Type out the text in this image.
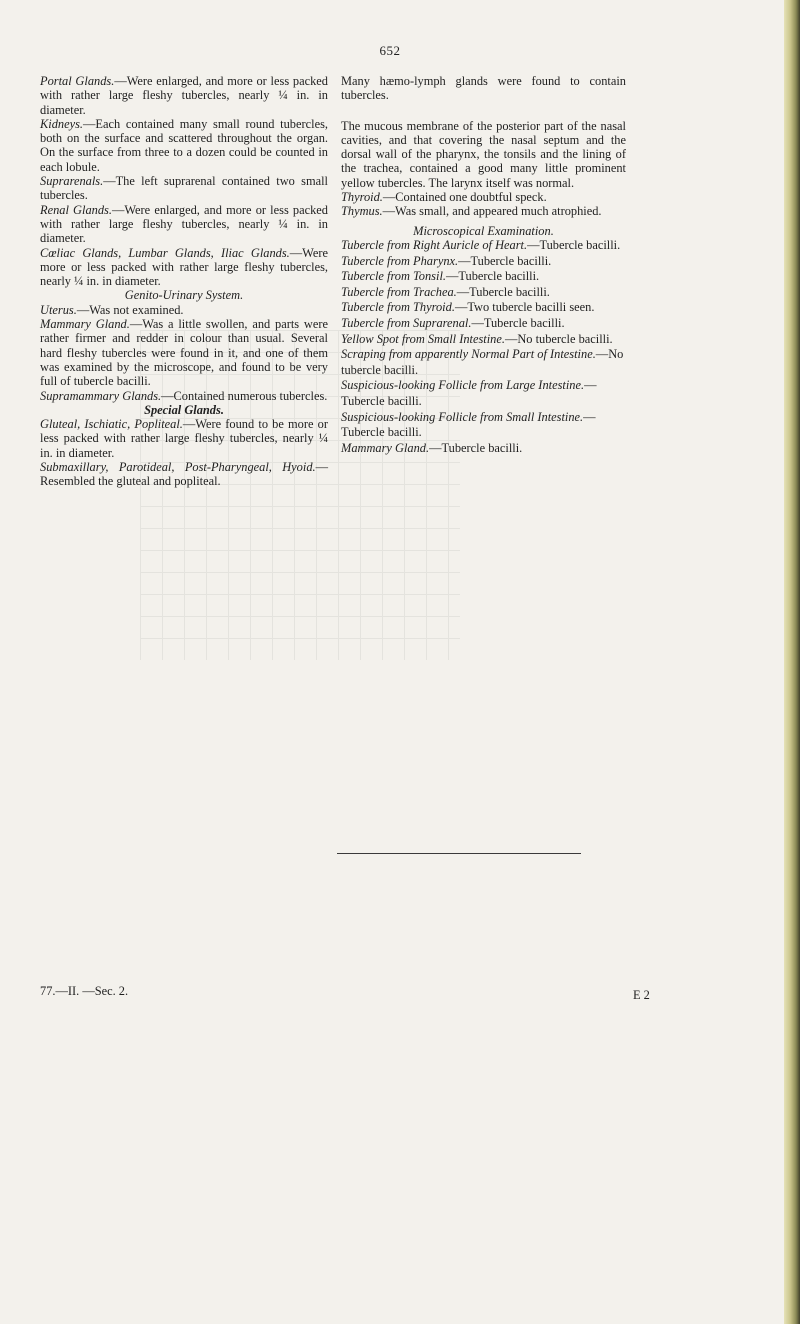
652

Portal Glands.—Were enlarged, and more or less packed with rather large fleshy tubercles, nearly ¼ in. in diameter.

Kidneys.—Each contained many small round tubercles, both on the surface and scattered throughout the organ. On the surface from three to a dozen could be counted in each lobule.

Suprarenals.—The left suprarenal contained two small tubercles.

Renal Glands.—Were enlarged, and more or less packed with rather large fleshy tubercles, nearly ¼ in. in diameter.

Cœliac Glands, Lumbar Glands, Iliac Glands.—Were more or less packed with rather large fleshy tubercles, nearly ¼ in. in diameter.

Genito-Urinary System.

Uterus.—Was not examined.

Mammary Gland.—Was a little swollen, and parts were rather firmer and redder in colour than usual. Several hard fleshy tubercles were found in it, and one of them was examined by the microscope, and found to be very full of tubercle bacilli.

Supramammary Glands.—Contained numerous tubercles.

Special Glands.

Gluteal, Ischiatic, Popliteal.—Were found to be more or less packed with rather large fleshy tubercles, nearly ¼ in. in diameter.

Submaxillary, Parotideal, Post-Pharyngeal, Hyoid.—Resembled the gluteal and popliteal.

Many hæmo-lymph glands were found to contain tubercles.

The mucous membrane of the posterior part of the nasal cavities, and that covering the nasal septum and the dorsal wall of the pharynx, the tonsils and the lining of the trachea, contained a good many little prominent yellow tubercles. The larynx itself was normal.

Thyroid.—Contained one doubtful speck.

Thymus.—Was small, and appeared much atrophied.

Microscopical Examination.

Tubercle from Right Auricle of Heart.—Tubercle bacilli.

Tubercle from Pharynx.—Tubercle bacilli.

Tubercle from Tonsil.—Tubercle bacilli.

Tubercle from Trachea.—Tubercle bacilli.

Tubercle from Thyroid.—Two tubercle bacilli seen.

Tubercle from Suprarenal.—Tubercle bacilli.

Yellow Spot from Small Intestine.—No tubercle bacilli.

Scraping from apparently Normal Part of Intestine.—No tubercle bacilli.

Suspicious-looking Follicle from Large Intestine.—Tubercle bacilli.

Suspicious-looking Follicle from Small Intestine.—Tubercle bacilli.

Mammary Gland.—Tubercle bacilli.

77.—II. —Sec. 2.	E 2
